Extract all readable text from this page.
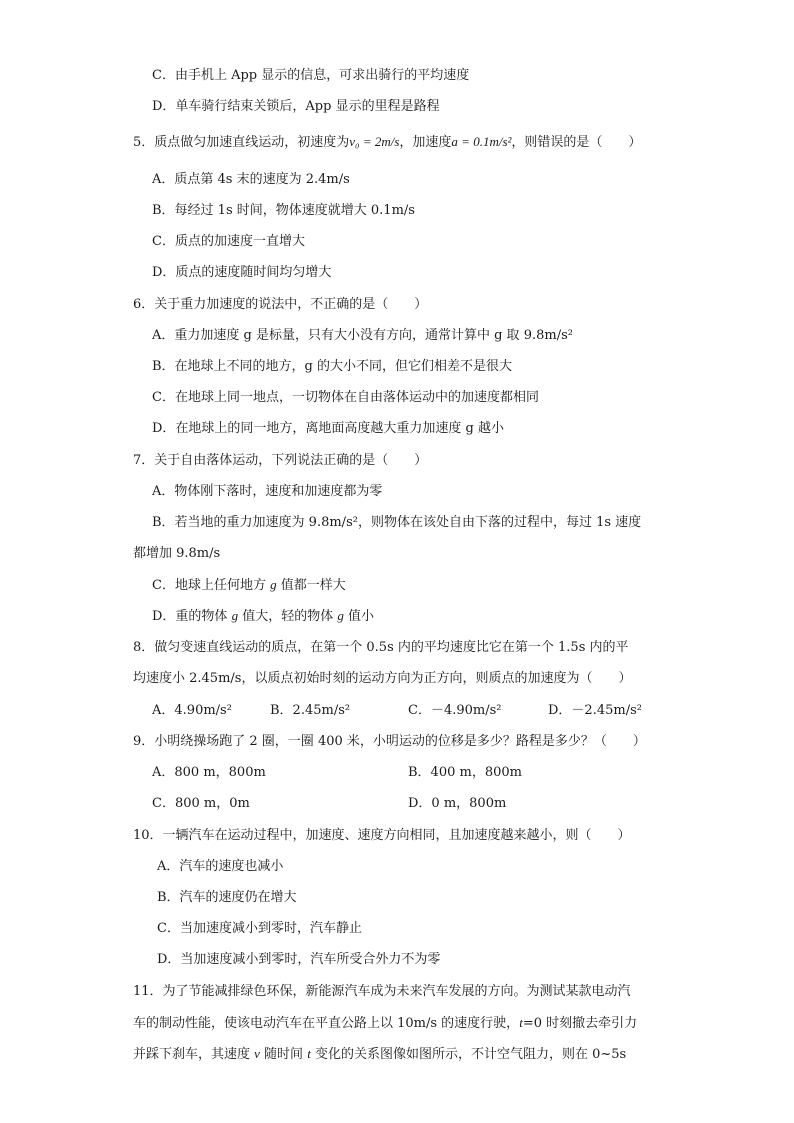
C．由手机上 App 显示的信息，可求出骑行的平均速度
D．单车骑行结束关锁后，App 显示的里程是路程
5．质点做匀加速直线运动，初速度为v₀ = 2m/s，加速度a = 0.1m/s²，则错误的是（　　）
A．质点第 4s 末的速度为 2.4m/s
B．每经过 1s 时间，物体速度就增大 0.1m/s
C．质点的加速度一直增大
D．质点的速度随时间均匀增大
6．关于重力加速度的说法中，不正确的是（　　）
A．重力加速度 g 是标量，只有大小没有方向，通常计算中 g 取 9.8m/s²
B．在地球上不同的地方，g 的大小不同，但它们相差不是很大
C．在地球上同一地点，一切物体在自由落体运动中的加速度都相同
D．在地球上的同一地方，离地面高度越大重力加速度 g 越小
7．关于自由落体运动，下列说法正确的是（　　）
A．物体刚下落时，速度和加速度都为零
B．若当地的重力加速度为 9.8m/s²，则物体在该处自由下落的过程中，每过 1s 速度
都增加 9.8m/s
C．地球上任何地方 g 值都一样大
D．重的物体 g 值大，轻的物体 g 值小
8．做匀变速直线运动的质点，在第一个 0.5s 内的平均速度比它在第一个 1.5s 内的平
均速度小 2.45m/s，以质点初始时刻的运动方向为正方向，则质点的加速度为（　　）
A．4.90m/s²	B．2.45m/s²	C．－4.90m/s²	D．－2.45m/s²
9．小明绕操场跑了 2 圈，一圈 400 米，小明运动的位移是多少？路程是多少？（　　）
A．800 m，800m	B．400 m，800m
C．800 m，0m	D．0 m，800m
10．一辆汽车在运动过程中，加速度、速度方向相同，且加速度越来越小，则（　　）
A．汽车的速度也减小
B．汽车的速度仍在增大
C．当加速度减小到零时，汽车静止
D．当加速度减小到零时，汽车所受合外力不为零
11．为了节能减排绿色环保，新能源汽车成为未来汽车发展的方向。为测试某款电动汽
车的制动性能，使该电动汽车在平直公路上以 10m/s 的速度行驶，t=0 时刻撤去牵引力
并踩下刹车，其速度 v 随时间 t 变化的关系图像如图所示，不计空气阻力，则在 0~5s
